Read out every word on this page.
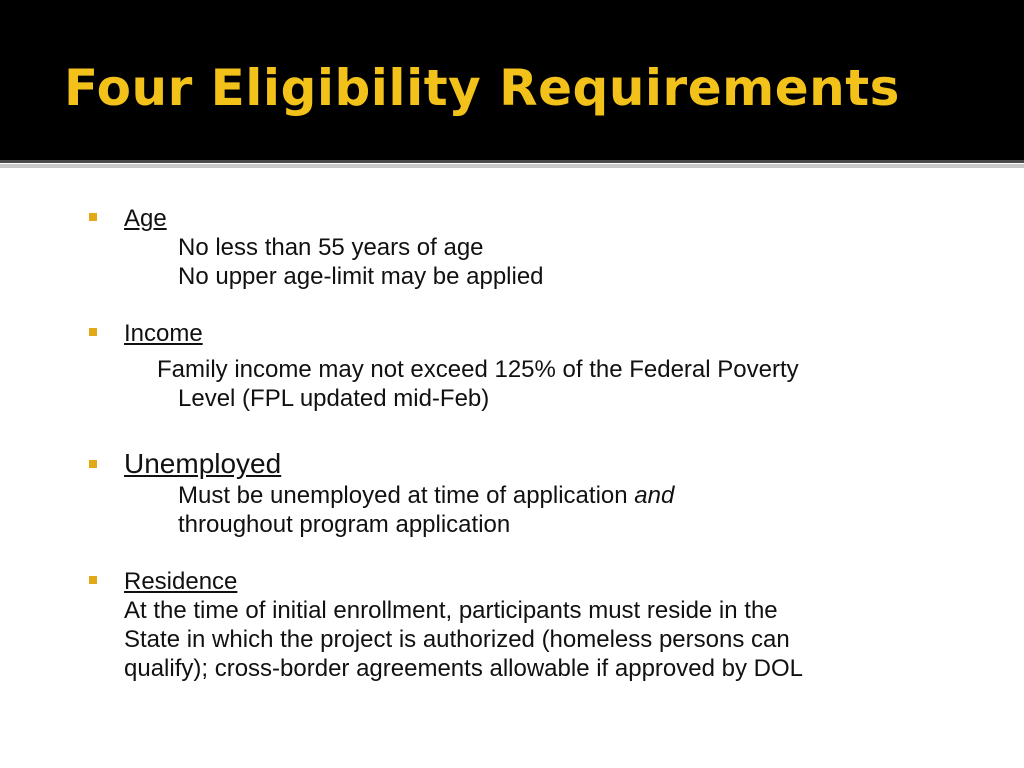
Four Eligibility Requirements
Age
No less than 55 years of age
No upper age-limit may be applied
Income
Family income may not exceed 125% of the Federal Poverty
Level (FPL updated mid-Feb)
Unemployed
Must be unemployed at time of application and
throughout program application
Residence
At the time of initial enrollment, participants must reside in the
State in which the project is authorized (homeless persons can
qualify); cross-border agreements allowable if approved by DOL
